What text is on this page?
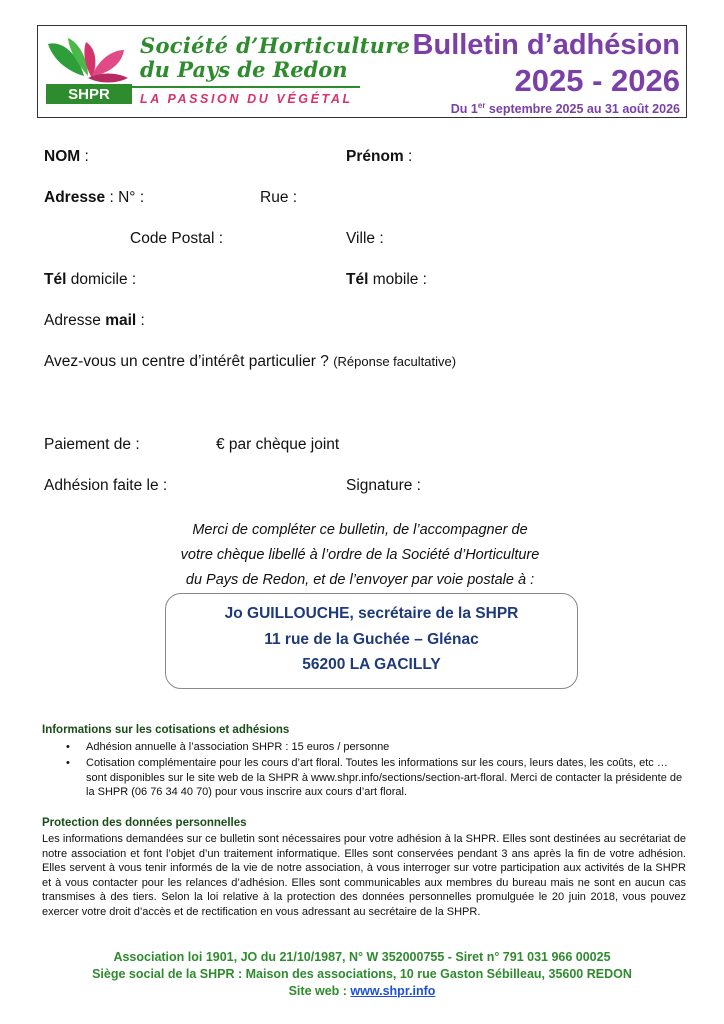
SHPR
Société d’Horticulture
du Pays de Redon
LA PASSION DU VÉGÉTAL
Bulletin d’adhésion
2025 - 2026
Du 1er septembre 2025 au 31 août 2026
NOM :	Prénom :
Adresse : N° :	Rue :
Code Postal :	Ville :
Tél domicile :	Tél mobile :
Adresse mail :
Avez-vous un centre d’intérêt particulier ? (Réponse facultative)
Paiement de :	€ par chèque joint
Adhésion faite le :	Signature :
Merci de compléter ce bulletin, de l’accompagner de
votre chèque libellé à l’ordre de la Société d’Horticulture
du Pays de Redon, et de l’envoyer par voie postale à :
Jo GUILLOUCHE, secrétaire de la SHPR
11 rue de la Guchée – Glénac
56200 LA GACILLY
Informations sur les cotisations et adhésions
• Adhésion annuelle à l’association SHPR : 15 euros / personne
• Cotisation complémentaire pour les cours d’art floral. Toutes les informations sur les cours, leurs dates, les coûts, etc … sont disponibles sur le site web de la SHPR à www.shpr.info/sections/section-art-floral. Merci de contacter la présidente de la SHPR (06 76 34 40 70) pour vous inscrire aux cours d’art floral.
Protection des données personnelles
Les informations demandées sur ce bulletin sont nécessaires pour votre adhésion à la SHPR. Elles sont destinées au secrétariat de notre association et font l’objet d’un traitement informatique. Elles sont conservées pendant 3 ans après la fin de votre adhésion. Elles servent à vous tenir informés de la vie de notre association, à vous interroger sur votre participation aux activités de la SHPR et à vous contacter pour les relances d’adhésion. Elles sont communicables aux membres du bureau mais ne sont en aucun cas transmises à des tiers. Selon la loi relative à la protection des données personnelles promulguée le 20 juin 2018, vous pouvez exercer votre droit d’accès et de rectification en vous adressant au secrétaire de la SHPR.
Association loi 1901, JO du 21/10/1987, N° W 352000755 - Siret n° 791 031 966 00025
Siège social de la SHPR : Maison des associations, 10 rue Gaston Sébilleau, 35600 REDON
Site web : www.shpr.info
